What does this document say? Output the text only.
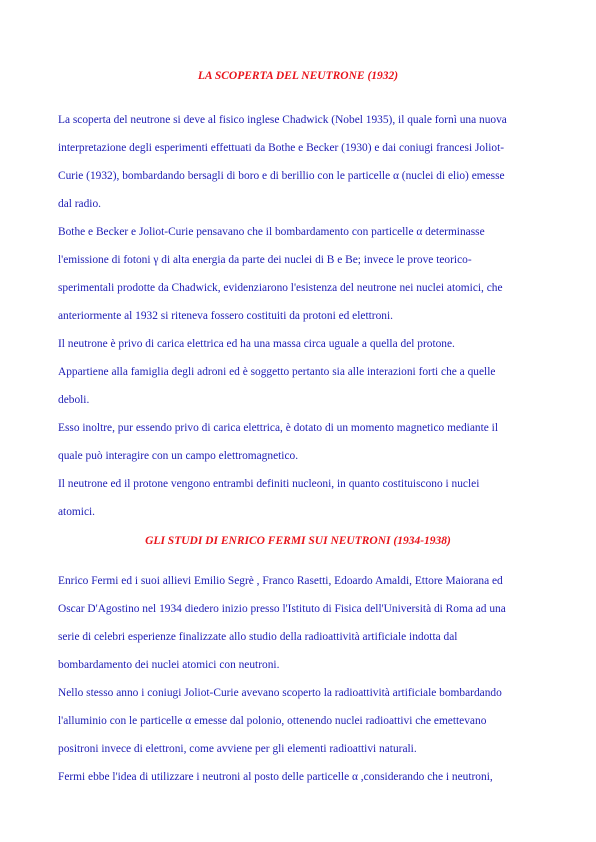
LA SCOPERTA DEL NEUTRONE (1932)
La scoperta del neutrone si deve al fisico inglese Chadwick (Nobel 1935), il quale fornì una nuova
interpretazione degli esperimenti effettuati da Bothe e Becker (1930) e dai coniugi francesi Joliot-
Curie (1932), bombardando bersagli di boro e di berillio con le particelle α (nuclei di elio) emesse
dal radio.
Bothe e Becker e Joliot-Curie pensavano che il bombardamento con particelle α determinasse
l'emissione di fotoni γ di alta energia da parte dei nuclei di B e Be; invece le prove teorico-
sperimentali prodotte da Chadwick, evidenziarono l'esistenza del neutrone nei nuclei atomici, che
anteriormente al 1932 si riteneva fossero costituiti da protoni ed elettroni.
Il neutrone è privo di carica elettrica ed ha una massa circa uguale a quella del protone.
Appartiene alla famiglia degli adroni ed è soggetto pertanto sia alle interazioni forti che a quelle
deboli.
Esso inoltre, pur essendo privo di carica elettrica, è dotato di un momento magnetico mediante il
quale può interagire con un campo elettromagnetico.
Il neutrone ed il protone vengono entrambi definiti nucleoni, in quanto costituiscono i nuclei
atomici.
GLI STUDI DI ENRICO FERMI SUI NEUTRONI (1934-1938)
Enrico Fermi ed i suoi allievi Emilio Segrè , Franco Rasetti, Edoardo Amaldi, Ettore Maiorana ed
Oscar D'Agostino nel 1934 diedero inizio presso l'Istituto di Fisica dell'Università di Roma ad una
serie di celebri esperienze finalizzate allo studio della radioattività artificiale indotta dal
bombardamento dei nuclei atomici con neutroni.
Nello stesso anno i coniugi Joliot-Curie avevano scoperto la radioattività artificiale bombardando
l'alluminio con le particelle α emesse dal polonio, ottenendo nuclei radioattivi che emettevano
positroni invece di elettroni, come avviene per gli elementi radioattivi naturali.
Fermi ebbe l'idea di utilizzare i neutroni al posto delle particelle α ,considerando che i neutroni,
